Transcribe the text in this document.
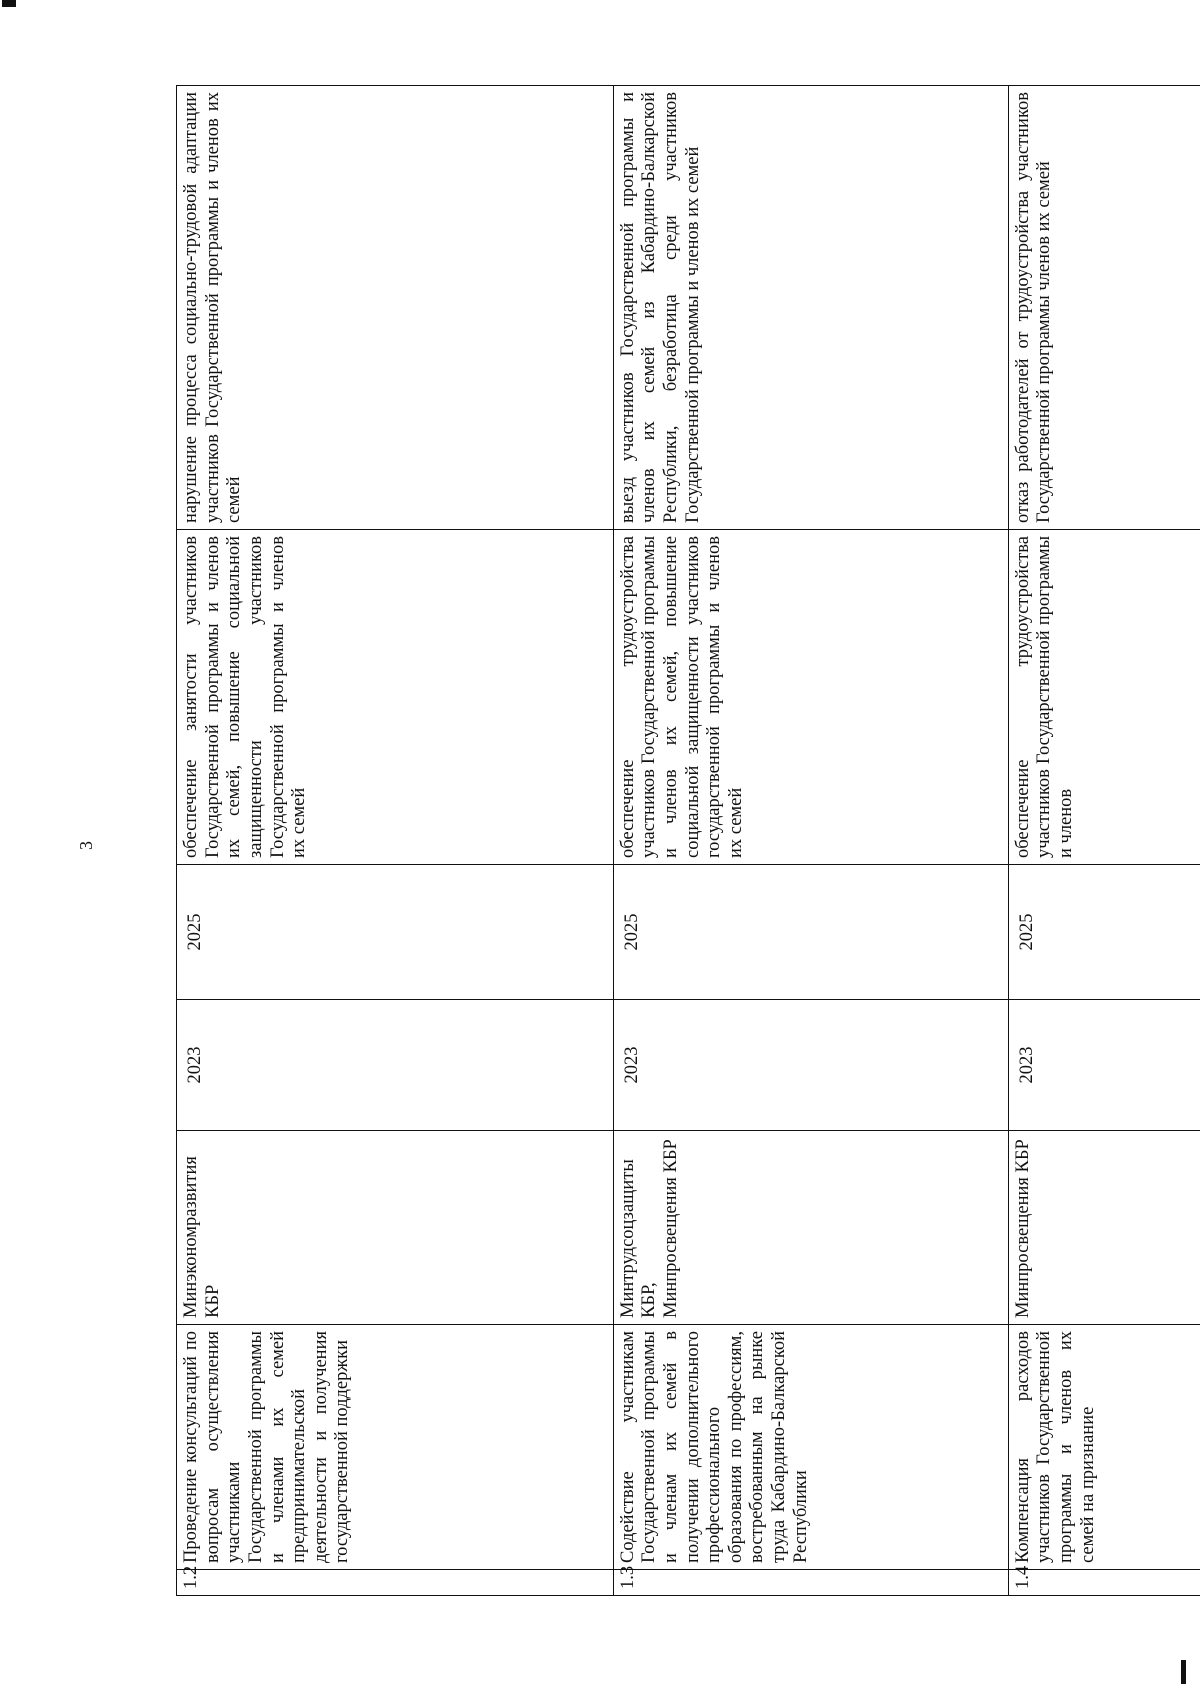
3
1.2	Проведение консультаций по вопросам осуществления участниками Государственной программы и членами их семей предпринимательской деятельности и получения государственной поддержки	Минэкономразвития КБР	2023	2025	обеспечение занятости участников Государственной программы и членов их семей, повышение социальной защищенности участников Государственной программы и членов их семей	нарушение процесса социально-трудовой адаптации участников Государственной программы и членов их семей
1.3	Содействие участникам Государственной программы и членам их семей в получении дополнительного профессионального образования по профессиям, востребованным на рынке труда Кабардино-Балкарской Республики	Минтрудсоцзащиты КБР, Минпросвещения КБР	2023	2025	обеспечение трудоустройства участников Государственной программы и членов их семей, повышение социальной защищенности участников государственной программы и членов их семей	выезд участников Государственной программы и членов их семей из Кабардино-Балкарской Республики, безработица среди участников Государственной программы и членов их семей
1.4	Компенсация расходов участников Государственной программы и членов их семей на признание	Минпросвещения КБР	2023	2025	обеспечение трудоустройства участников Государственной программы и членов	отказ работодателей от трудоустройства участников Государственной программы членов их семей
